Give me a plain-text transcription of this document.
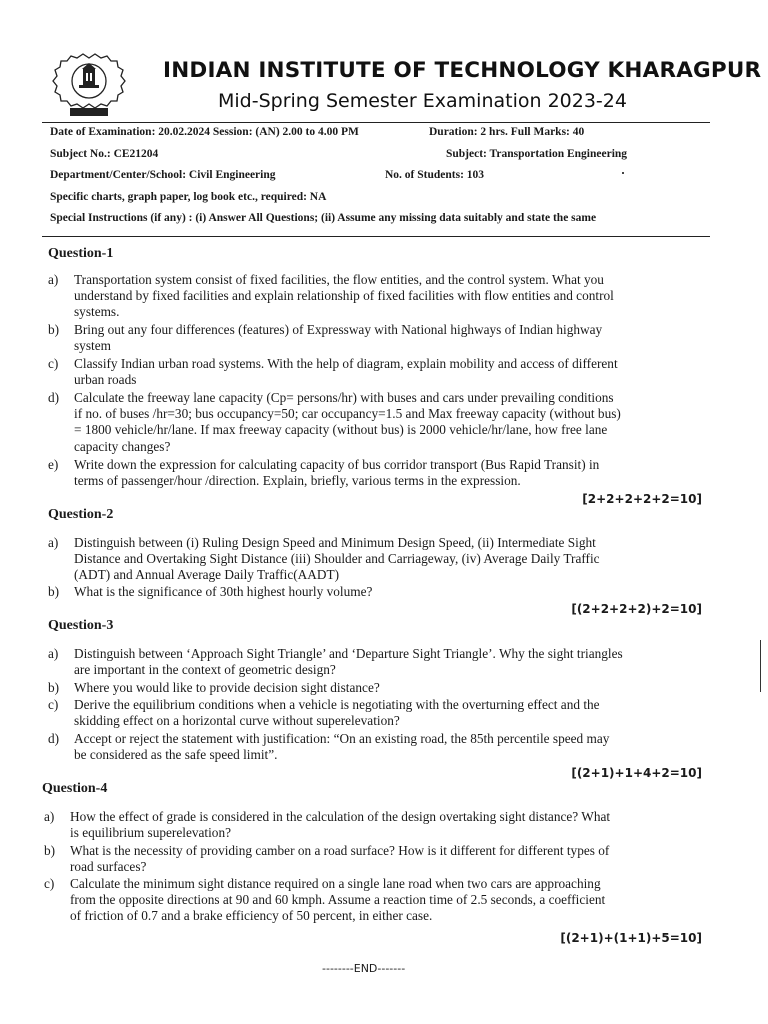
INDIAN INSTITUTE OF TECHNOLOGY KHARAGPUR
Mid-Spring Semester Examination 2023-24
Date of Examination: 20.02.2024 Session: (AN) 2.00 to 4.00 PM	Duration: 2 hrs. Full Marks: 40
Subject No.: CE21204	Subject: Transportation Engineering
Department/Center/School: Civil Engineering	No. of Students: 103
Specific charts, graph paper, log book etc., required: NA
Special Instructions (if any) : (i) Answer All Questions; (ii) Assume any missing data suitably and state the same
Question-1
a) Transportation system consist of fixed facilities, the flow entities, and the control system. What you
understand by fixed facilities and explain relationship of fixed facilities with flow entities and control
systems.
b) Bring out any four differences (features) of Expressway with National highways of Indian highway
system
c) Classify Indian urban road systems. With the help of diagram, explain mobility and access of different
urban roads
d) Calculate the freeway lane capacity (Cp= persons/hr) with buses and cars under prevailing conditions
if no. of buses /hr=30; bus occupancy=50; car occupancy=1.5 and Max freeway capacity (without bus)
= 1800 vehicle/hr/lane. If max freeway capacity (without bus) is 2000 vehicle/hr/lane, how free lane
capacity changes?
e) Write down the expression for calculating capacity of bus corridor transport (Bus Rapid Transit) in
terms of passenger/hour /direction. Explain, briefly, various terms in the expression.
[2+2+2+2+2=10]
Question-2
a) Distinguish between (i) Ruling Design Speed and Minimum Design Speed, (ii) Intermediate Sight
Distance and Overtaking Sight Distance (iii) Shoulder and Carriageway, (iv) Average Daily Traffic
(ADT) and Annual Average Daily Traffic(AADT)
b) What is the significance of 30th highest hourly volume?
[(2+2+2+2)+2=10]
Question-3
a) Distinguish between ‘Approach Sight Triangle’ and ‘Departure Sight Triangle’. Why the sight triangles
are important in the context of geometric design?
b) Where you would like to provide decision sight distance?
c) Derive the equilibrium conditions when a vehicle is negotiating with the overturning effect and the
skidding effect on a horizontal curve without superelevation?
d) Accept or reject the statement with justification: “On an existing road, the 85th percentile speed may
be considered as the safe speed limit”.
[(2+1)+1+4+2=10]
Question-4
a) How the effect of grade is considered in the calculation of the design overtaking sight distance? What
is equilibrium superelevation?
b) What is the necessity of providing camber on a road surface? How is it different for different types of
road surfaces?
c) Calculate the minimum sight distance required on a single lane road when two cars are approaching
from the opposite directions at 90 and 60 kmph. Assume a reaction time of 2.5 seconds, a coefficient
of friction of 0.7 and a brake efficiency of 50 percent, in either case.
[(2+1)+(1+1)+5=10]
--------END-------
